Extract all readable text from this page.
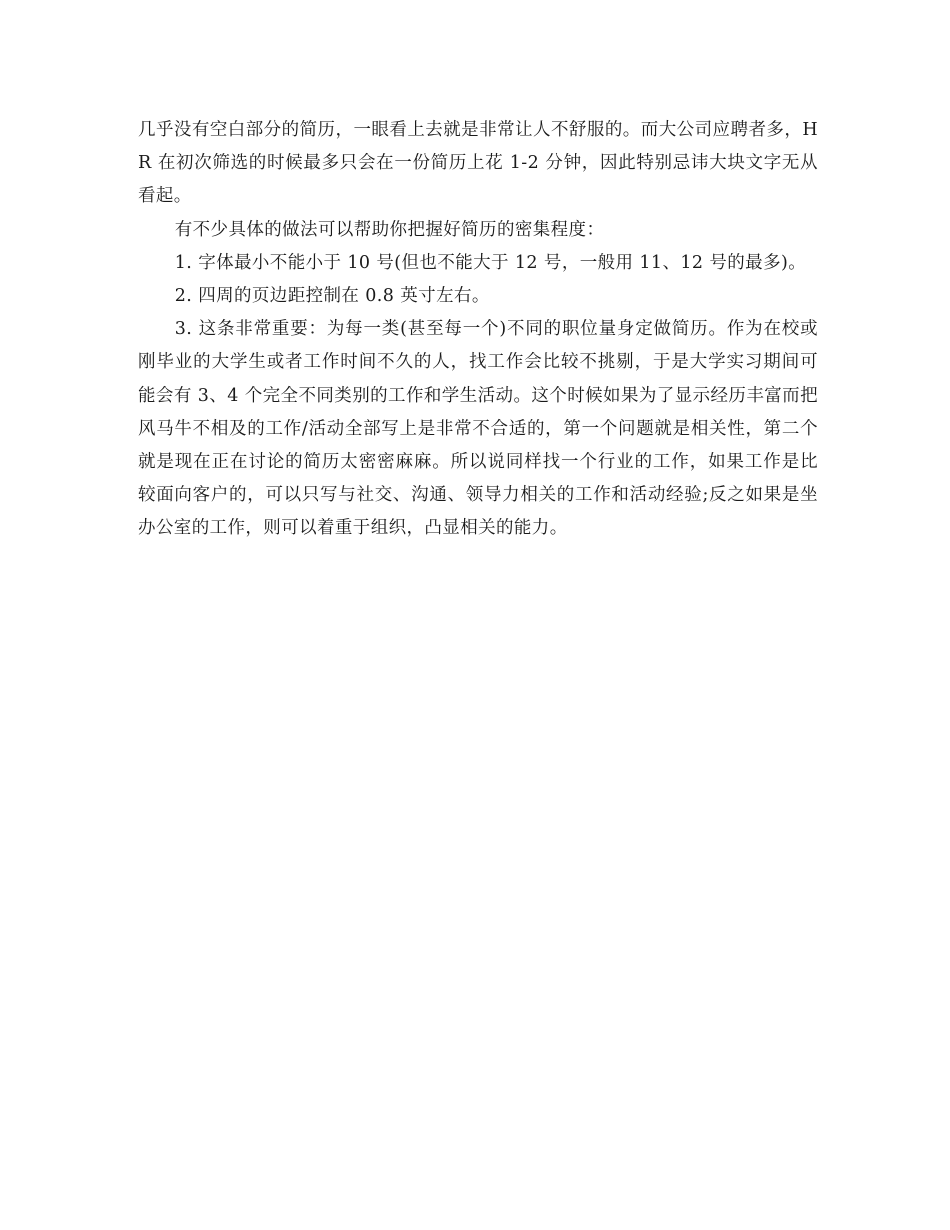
几乎没有空白部分的简历，一眼看上去就是非常让人不舒服的。而大公司应聘者多，HR 在初次筛选的时候最多只会在一份简历上花 1-2 分钟，因此特别忌讳大块文字无从看起。

有不少具体的做法可以帮助你把握好简历的密集程度：

1. 字体最小不能小于 10 号(但也不能大于 12 号，一般用 11、12 号的最多)。

2. 四周的页边距控制在 0.8 英寸左右。

3. 这条非常重要：为每一类(甚至每一个)不同的职位量身定做简历。作为在校或刚毕业的大学生或者工作时间不久的人，找工作会比较不挑剔，于是大学实习期间可能会有 3、4 个完全不同类别的工作和学生活动。这个时候如果为了显示经历丰富而把风马牛不相及的工作/活动全部写上是非常不合适的，第一个问题就是相关性，第二个就是现在正在讨论的简历太密密麻麻。所以说同样找一个行业的工作，如果工作是比较面向客户的，可以只写与社交、沟通、领导力相关的工作和活动经验;反之如果是坐办公室的工作，则可以着重于组织，凸显相关的能力。
